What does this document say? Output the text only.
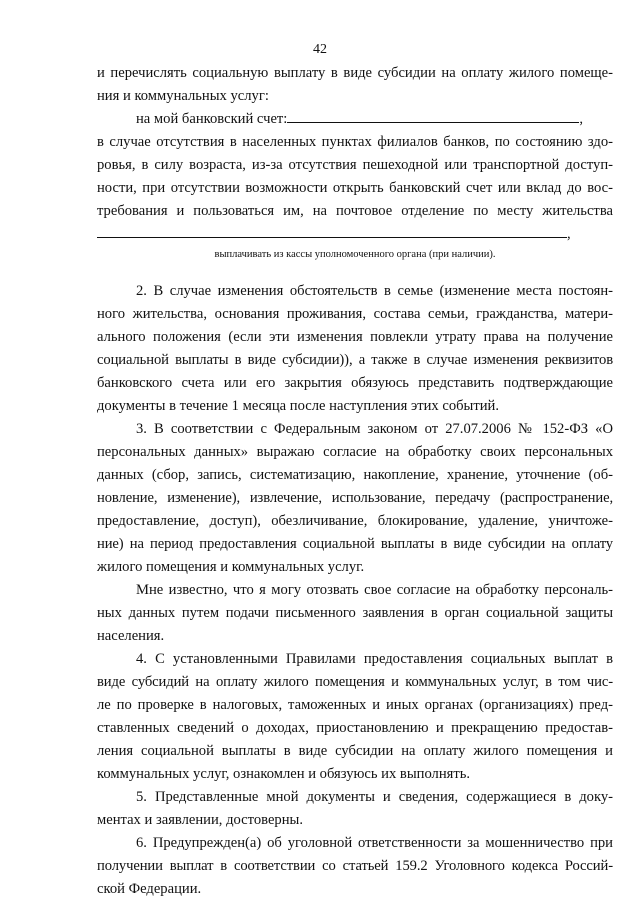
42
и перечислять социальную выплату в виде субсидии на оплату жилого помеще-
ния и коммунальных услуг:
на мой банковский счет:	,
в случае отсутствия в населенных пунктах филиалов банков, по состоянию здо-
ровья, в силу возраста, из-за отсутствия пешеходной или транспортной доступ-
ности, при отсутствии возможности открыть банковский счет или вклад до вос-
требования и пользоваться им, на почтовое отделение по месту жительства
,
выплачивать из кассы уполномоченного органа (при наличии).
2. В случае изменения обстоятельств в семье (изменение места постоян-
ного жительства, основания проживания, состава семьи, гражданства, матери-
ального положения (если эти изменения повлекли утрату права на получение
социальной выплаты в виде субсидии)), а также в случае изменения реквизитов
банковского счета или его закрытия обязуюсь представить подтверждающие
документы в течение 1 месяца после наступления этих событий.
3. В соответствии с Федеральным законом от 27.07.2006 № 152-ФЗ «О
персональных данных» выражаю согласие на обработку своих персональных
данных (сбор, запись, систематизацию, накопление, хранение, уточнение (об-
новление, изменение), извлечение, использование, передачу (распространение,
предоставление, доступ), обезличивание, блокирование, удаление, уничтоже-
ние) на период предоставления социальной выплаты в виде субсидии на оплату
жилого помещения и коммунальных услуг.
Мне известно, что я могу отозвать свое согласие на обработку персональ-
ных данных путем подачи письменного заявления в орган социальной защиты
населения.
4. С установленными Правилами предоставления социальных выплат в
виде субсидий на оплату жилого помещения и коммунальных услуг, в том чис-
ле по проверке в налоговых, таможенных и иных органах (организациях) пред-
ставленных сведений о доходах, приостановлению и прекращению предостав-
ления социальной выплаты в виде субсидии на оплату жилого помещения и
коммунальных услуг, ознакомлен и обязуюсь их выполнять.
5. Представленные мной документы и сведения, содержащиеся в доку-
ментах и заявлении, достоверны.
6. Предупрежден(а) об уголовной ответственности за мошенничество при
получении выплат в соответствии со статьей 159.2 Уголовного кодекса Россий-
ской Федерации.
